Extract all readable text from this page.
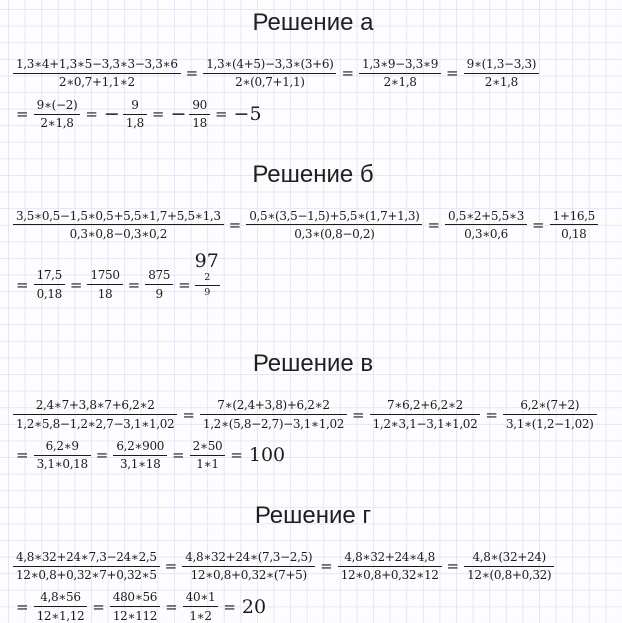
Решение а
$\frac{1,3∗4+1,3∗5-3,3∗3-3,3∗6}{2∗0,7+1,1∗2} = \frac{1,3∗(4+5)-3,3∗(3+6)}{2∗(0,7+1,1)} = \frac{1,3∗9-3,3∗9}{2∗1,8} = \frac{9∗(1,3-3,3)}{2∗1,8}$
= $\frac{9∗(-2)}{2∗1,8}$ = − $\frac{9}{1,8}$ = − $\frac{90}{18} = -5$
Решение б
$\frac{3,5∗0,5-1,5∗0,5+5,5∗1,7+5,5∗1,3}{0,3∗0,8-0,3∗0,2} = \frac{0,5∗(3,5-1,5)+5,5∗(1,7+1,3)}{0,3∗(0,8-0,2)} = \frac{0,5∗2+5,5∗3}{0,3∗0,6} = \frac{1+16,5}{0,18}$
= $\frac{17,5}{0,18} = \frac{1750}{18} = \frac{875}{9} =97$
2
9
Решение в
$\frac{2,4∗7+3,8∗7+6,2∗2}{1,2∗5,8-1,2∗2,7-3,1∗1,02} = \frac{7∗(2,4+3,8)+6,2∗2}{1,2∗(5,8-2,7)-3,1∗1,02} = \frac{7∗6,2+6,2∗2}{1,2∗3,1-3,1∗1,02} = \frac{6,2∗(7+2)}{3,1∗(1,2-1,02)}$
= $\frac{6,2∗9}{3,1∗0,18} = \frac{6,2∗900}{3,1∗18} = \frac{2∗50}{1∗1} = 100$
Решение г
$\frac{4,8∗32+24∗7,3-24∗2,5}{12∗0,8+0,32∗7+0,32∗5} = \frac{4,8∗32+24∗(7,3-2,5)}{12∗0,8+0,32∗(7+5)} = \frac{4,8∗32+24∗4,8}{12∗0,8+0,32∗12} = \frac{4,8∗(32+24)}{12∗(0,8+0,32)}$
= $\frac{4,8∗56}{12∗1,12} = \frac{480∗56}{12∗112} = \frac{40∗1}{1∗2} = 20$
